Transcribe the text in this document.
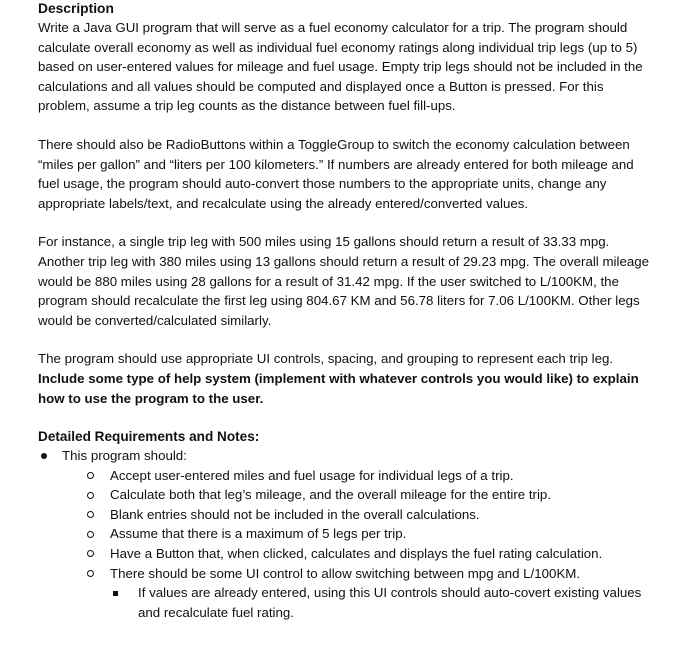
Description

Write a Java GUI program that will serve as a fuel economy calculator for a trip. The program should calculate overall economy as well as individual fuel economy ratings along individual trip legs (up to 5) based on user-entered values for mileage and fuel usage. Empty trip legs should not be included in the calculations and all values should be computed and displayed once a Button is pressed. For this problem, assume a trip leg counts as the distance between fuel fill-ups.

There should also be RadioButtons within a ToggleGroup to switch the economy calculation between “miles per gallon” and “liters per 100 kilometers.” If numbers are already entered for both mileage and fuel usage, the program should auto-convert those numbers to the appropriate units, change any appropriate labels/text, and recalculate using the already entered/converted values.

For instance, a single trip leg with 500 miles using 15 gallons should return a result of 33.33 mpg. Another trip leg with 380 miles using 13 gallons should return a result of 29.23 mpg. The overall mileage would be 880 miles using 28 gallons for a result of 31.42 mpg. If the user switched to L/100KM, the program should recalculate the first leg using 804.67 KM and 56.78 liters for 7.06 L/100KM. Other legs would be converted/calculated similarly.

The program should use appropriate UI controls, spacing, and grouping to represent each trip leg. Include some type of help system (implement with whatever controls you would like) to explain how to use the program to the user.

Detailed Requirements and Notes:
This program should:
Accept user-entered miles and fuel usage for individual legs of a trip.
Calculate both that leg’s mileage, and the overall mileage for the entire trip.
Blank entries should not be included in the overall calculations.
Assume that there is a maximum of 5 legs per trip.
Have a Button that, when clicked, calculates and displays the fuel rating calculation.
There should be some UI control to allow switching between mpg and L/100KM.
If values are already entered, using this UI controls should auto-covert existing values and recalculate fuel rating.
